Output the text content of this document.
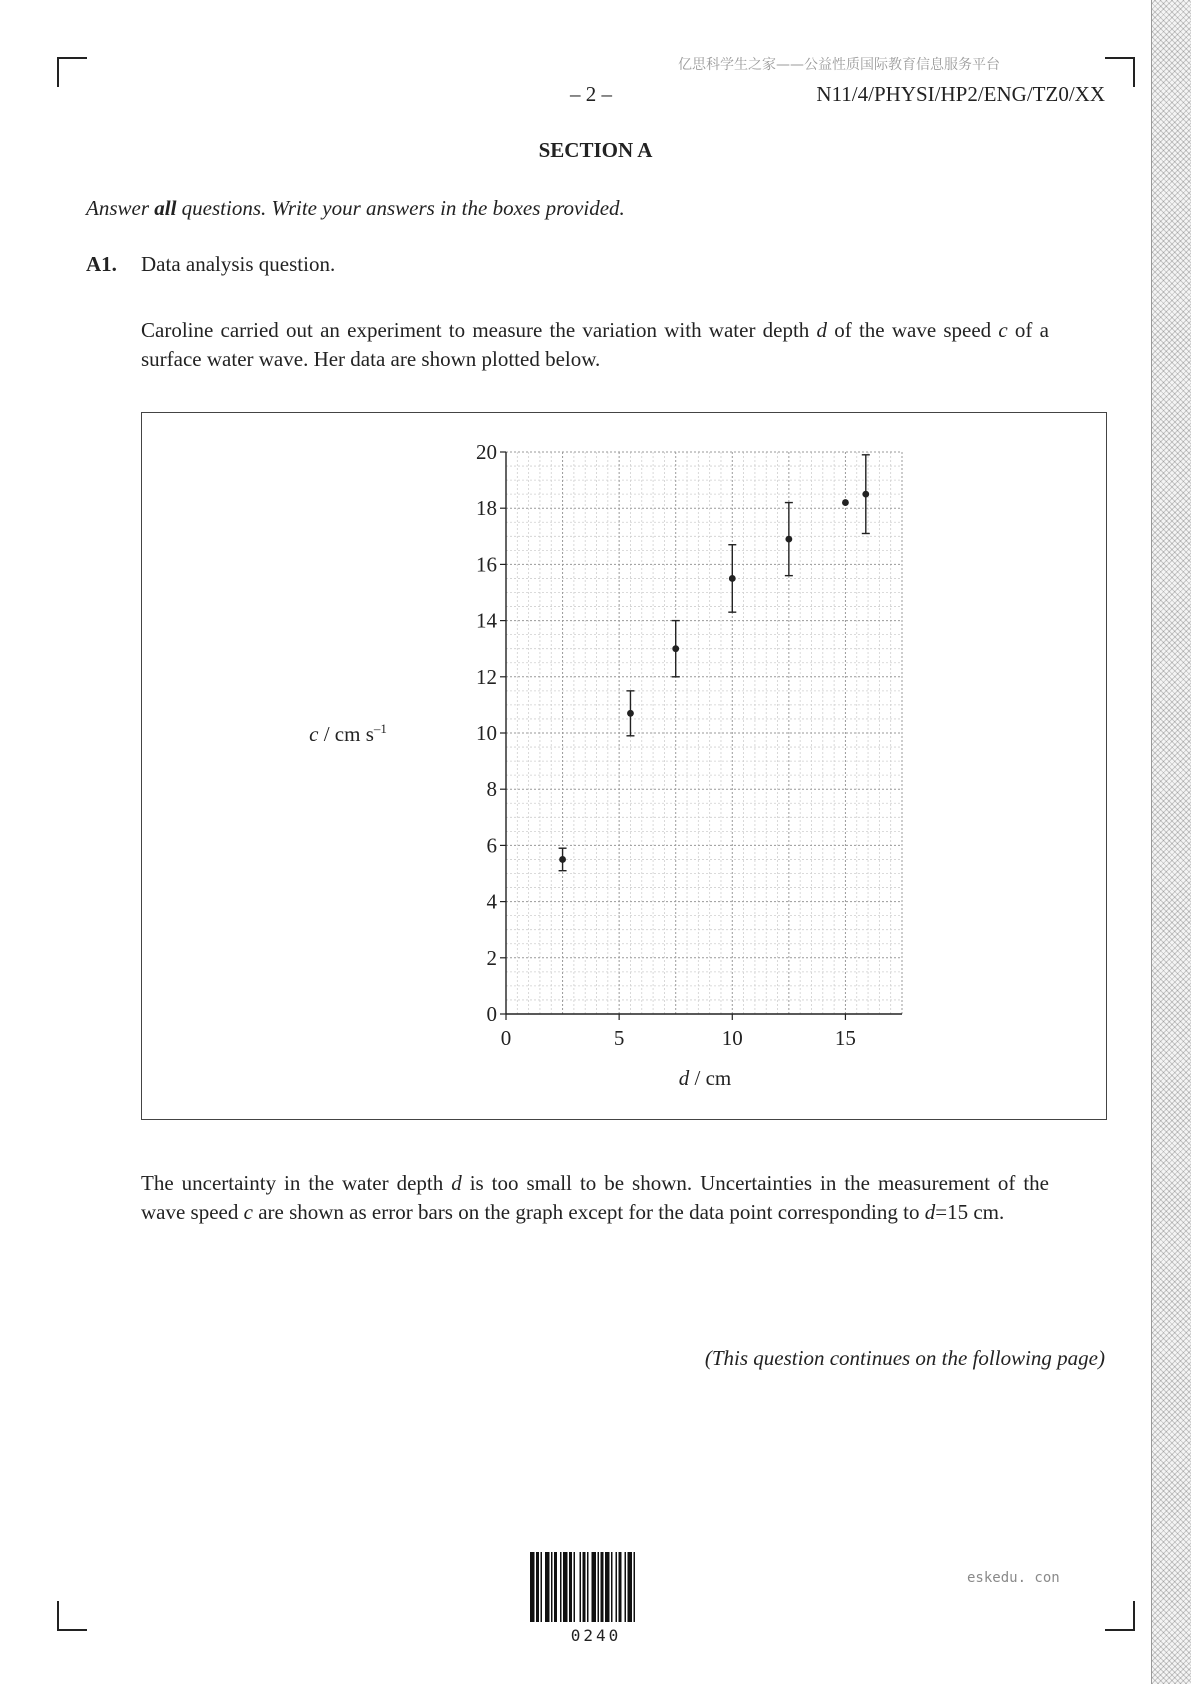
亿思科学生之家——公益性质国际教育信息服务平台
– 2 –	N11/4/PHYSI/HP2/ENG/TZ0/XX
SECTION A
Answer all questions. Write your answers in the boxes provided.
A1. Data analysis question.
Caroline carried out an experiment to measure the variation with water depth d of the wave speed c of a surface water wave. Her data are shown plotted below.
0
2
4
6
8
10
12
14
16
18
20
0	5	10	15
c / cm $s^{-1}$
d / cm
The uncertainty in the water depth d is too small to be shown. Uncertainties in the measurement of the wave speed c are shown as error bars on the graph except for the data point corresponding to d=15 cm.
(This question continues on the following page)
0240
eskedu. con
